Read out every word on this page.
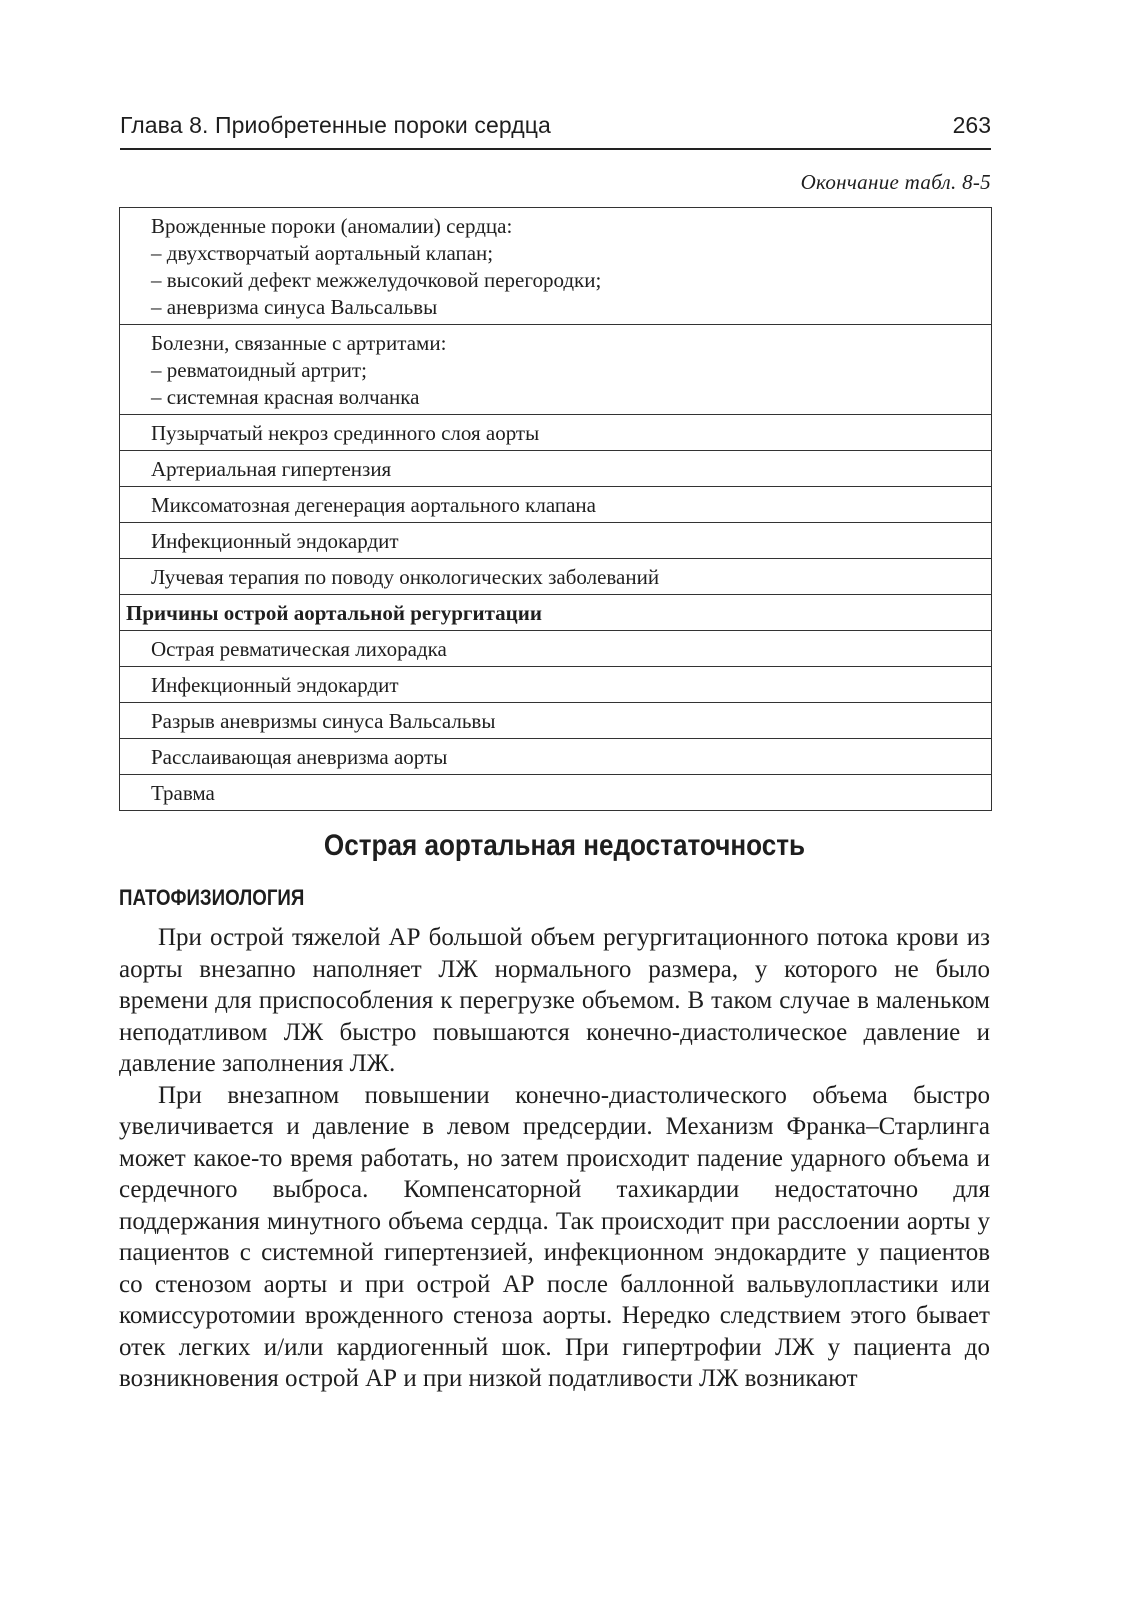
Глава 8. Приобретенные пороки сердца	263
Окончание табл. 8-5
Врожденные пороки (аномалии) сердца:
– двухстворчатый аортальный клапан;
– высокий дефект межжелудочковой перегородки;
– аневризма синуса Вальсальвы

Болезни, связанные с артритами:
– ревматоидный артрит;
– системная красная волчанка

Пузырчатый некроз срединного слоя аорты

Артериальная гипертензия

Миксоматозная дегенерация аортального клапана

Инфекционный эндокардит

Лучевая терапия по поводу онкологических заболеваний

Причины острой аортальной регургитации

Острая ревматическая лихорадка

Инфекционный эндокардит

Разрыв аневризмы синуса Вальсальвы

Расслаивающая аневризма аорты

Травма
Острая аортальная недостаточность
ПАТОФИЗИОЛОГИЯ

При острой тяжелой АР большой объем регургитационного потока крови из аорты внезапно наполняет ЛЖ нормального размера, у которого не было времени для приспособления к перегрузке объемом. В таком случае в маленьком неподатливом ЛЖ быстро повышаются конечно-диастолическое давление и давление заполнения ЛЖ.

При внезапном повышении конечно-диастолического объема быстро увеличивается и давление в левом предсердии. Механизм Франка–Старлинга может какое-то время работать, но затем происходит падение ударного объема и сердечного выброса. Компенсаторной тахикардии недостаточно для поддержания минутного объема сердца. Так происходит при расслоении аорты у пациентов с системной гипертензией, инфекционном эндокардите у пациентов со стенозом аорты и при острой АР после баллонной вальвулопластики или комиссуротомии врожденного стеноза аорты. Нередко следствием этого бывает отек легких и/или кардиогенный шок. При гипертрофии ЛЖ у пациента до возникновения острой АР и при низкой податливости ЛЖ возникают
